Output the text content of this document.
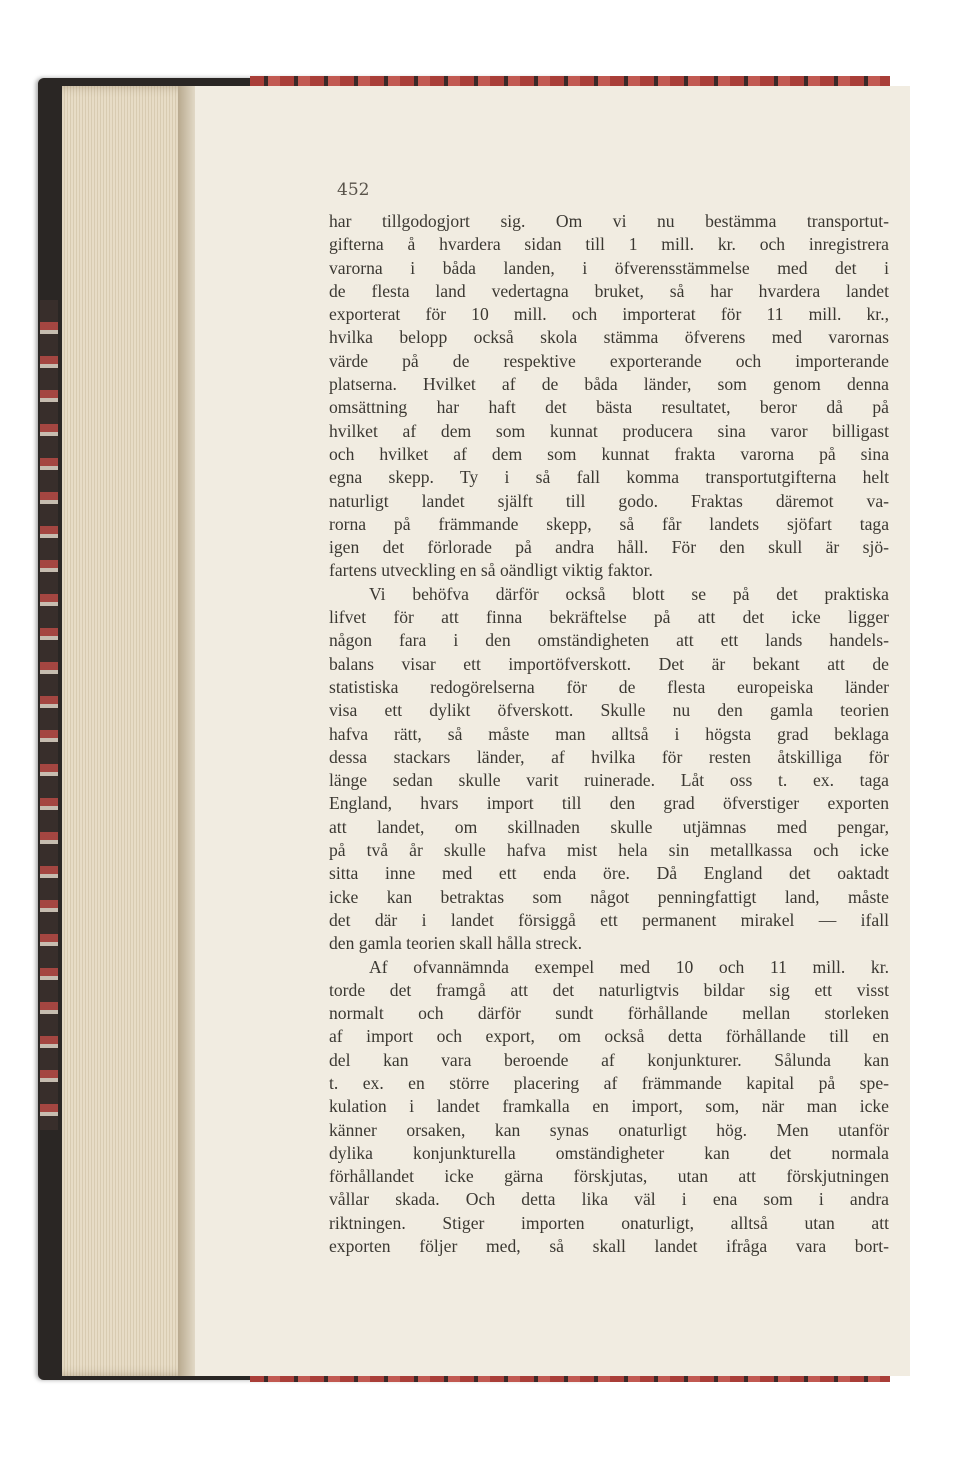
452

har tillgodogjort sig. Om vi nu bestämma transportut-
gifterna å hvardera sidan till 1 mill. kr. och inregistrera
varorna i båda landen, i öfverensstämmelse med det i
de flesta land vedertagna bruket, så har hvardera landet
exporterat för 10 mill. och importerat för 11 mill. kr.,
hvilka belopp också skola stämma öfverens med varornas
värde på de respektive exporterande och importerande
platserna. Hvilket af de båda länder, som genom denna
omsättning har haft det bästa resultatet, beror då på
hvilket af dem som kunnat producera sina varor billigast
och hvilket af dem som kunnat frakta varorna på sina
egna skepp. Ty i så fall komma transportutgifterna helt
naturligt landet själft till godo. Fraktas däremot va-
rorna på främmande skepp, så får landets sjöfart taga
igen det förlorade på andra håll. För den skull är sjö-
fartens utveckling en så oändligt viktig faktor.
Vi behöfva därför också blott se på det praktiska
lifvet för att finna bekräftelse på att det icke ligger
någon fara i den omständigheten att ett lands handels-
balans visar ett importöfverskott. Det är bekant att de
statistiska redogörelserna för de flesta europeiska länder
visa ett dylikt öfverskott. Skulle nu den gamla teorien
hafva rätt, så måste man alltså i högsta grad beklaga
dessa stackars länder, af hvilka för resten åtskilliga för
länge sedan skulle varit ruinerade. Låt oss t. ex. taga
England, hvars import till den grad öfverstiger exporten
att landet, om skillnaden skulle utjämnas med pengar,
på två år skulle hafva mist hela sin metallkassa och icke
sitta inne med ett enda öre. Då England det oaktadt
icke kan betraktas som något penningfattigt land, måste
det där i landet försiggå ett permanent mirakel — ifall
den gamla teorien skall hålla streck.
Af ofvannämnda exempel med 10 och 11 mill. kr.
torde det framgå att det naturligtvis bildar sig ett visst
normalt och därför sundt förhållande mellan storleken
af import och export, om också detta förhållande till en
del kan vara beroende af konjunkturer. Sålunda kan
t. ex. en större placering af främmande kapital på spe-
kulation i landet framkalla en import, som, när man icke
känner orsaken, kan synas onaturligt hög. Men utanför
dylika konjunkturella omständigheter kan det normala
förhållandet icke gärna förskjutas, utan att förskjutningen
vållar skada. Och detta lika väl i ena som i andra
riktningen. Stiger importen onaturligt, alltså utan att
exporten följer med, så skall landet ifråga vara bort-
